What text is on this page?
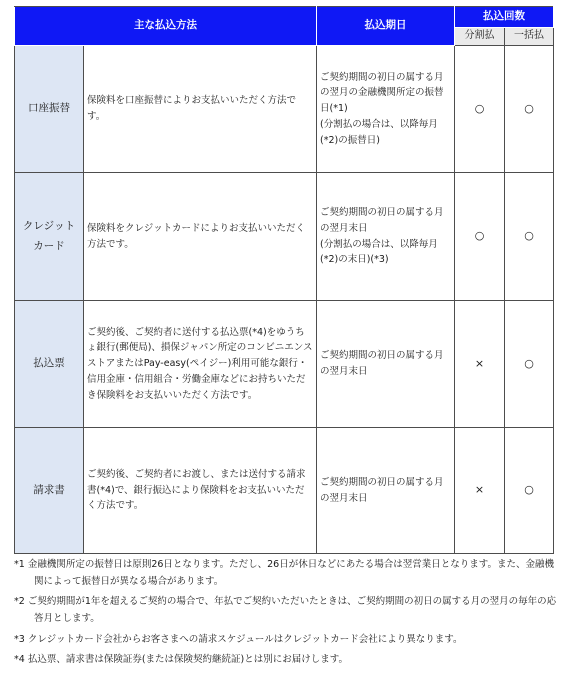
主な払込方法		払込期日	払込回数	
			分割払	一括払
口座振替	保険料を口座振替によりお支払いいただく方法です。	ご契約期間の初日の属する月の翌月の金融機関所定の振替日(*1)
(分割払の場合は、以降毎月(*2)の振替日)	○	○
クレジット
カード	保険料をクレジットカードによりお支払いいただく方法です。	ご契約期間の初日の属する月の翌月末日
(分割払の場合は、以降毎月(*2)の末日)(*3)	○	○
払込票	ご契約後、ご契約者に送付する払込票(*4)をゆうちょ銀行(郵便局)、損保ジャパン所定のコンビニエンスストアまたはPay-easy(ペイジー)利用可能な銀行・信用金庫・信用組合・労働金庫などにお持ちいただき保険料をお支払いいただく方法です。	ご契約期間の初日の属する月の翌月末日	×	○
請求書	ご契約後、ご契約者にお渡し、または送付する請求書(*4)で、銀行振込により保険料をお支払いいただく方法です。	ご契約期間の初日の属する月の翌月末日	×	○

*1 金融機関所定の振替日は原則26日となります。ただし、26日が休日などにあたる場合は翌営業日となります。また、金融機関によって振替日が異なる場合があります。

*2 ご契約期間が1年を超えるご契約の場合で、年払でご契約いただいたときは、ご契約期間の初日の属する月の翌月の毎年の応答月とします。

*3 クレジットカード会社からお客さまへの請求スケジュールはクレジットカード会社により異なります。

*4 払込票、請求書は保険証券(または保険契約継続証)とは別にお届けします。
